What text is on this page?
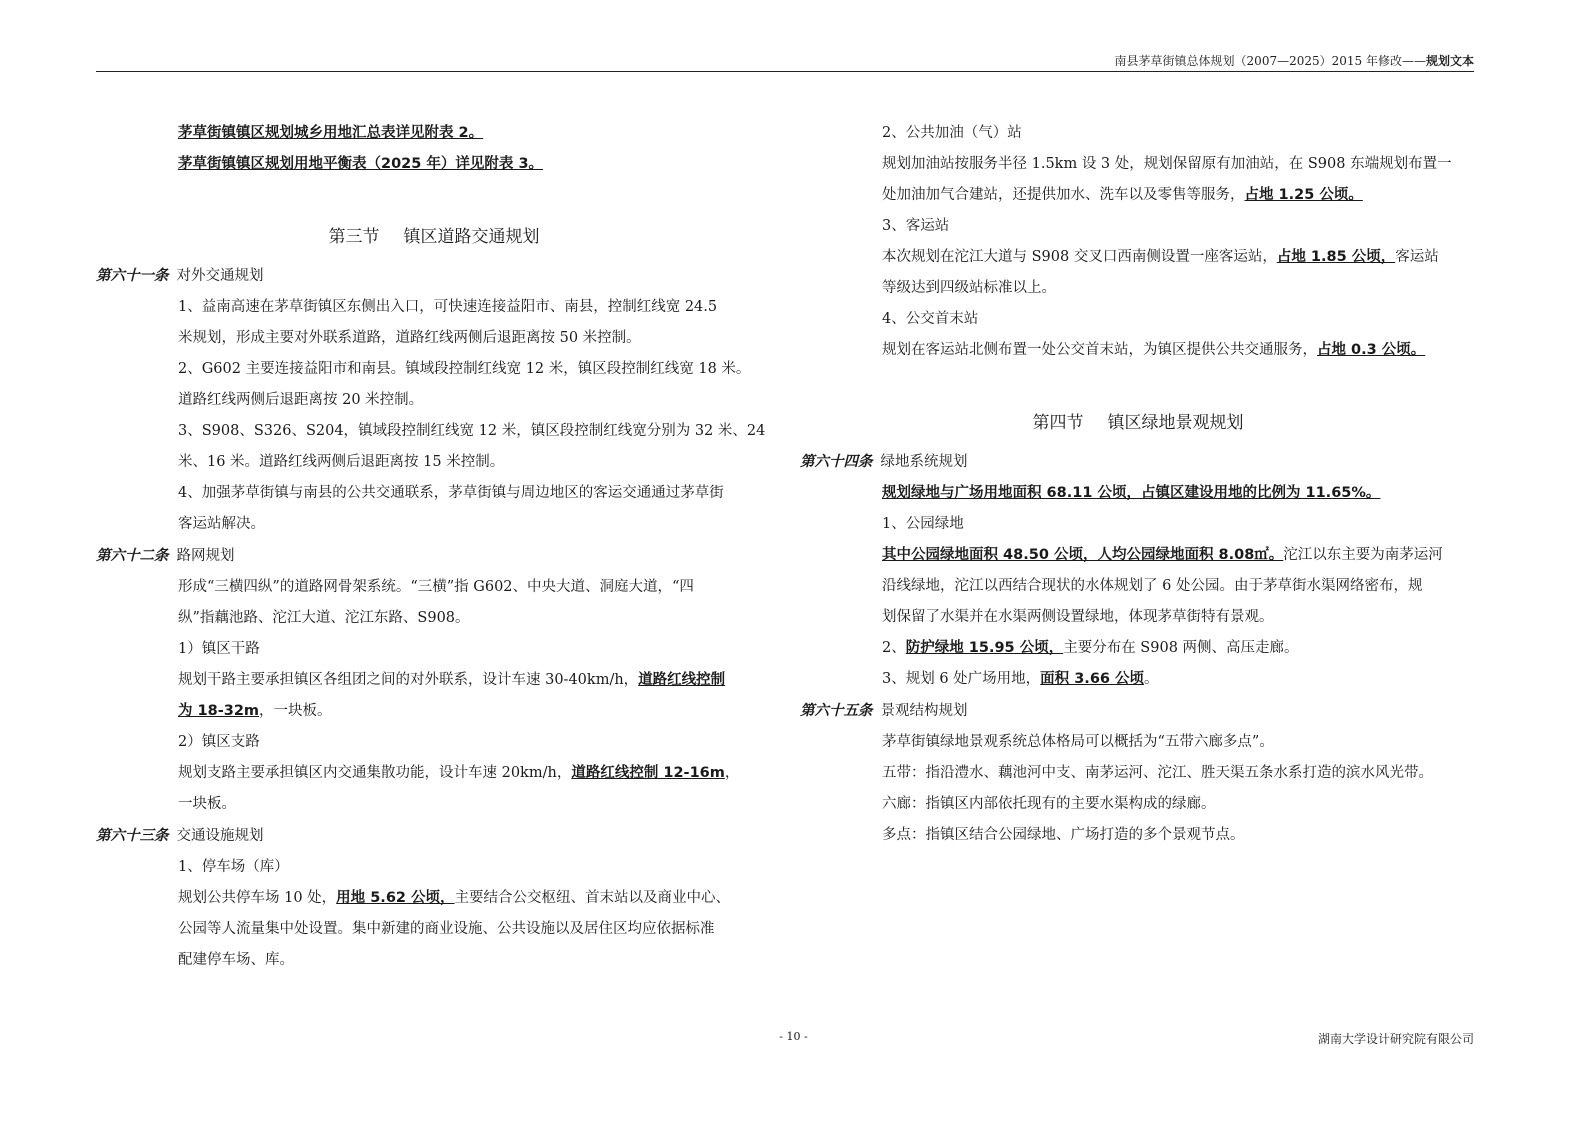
南县茅草街镇总体规划（2007—2025）2015 年修改——规划文本

茅草街镇镇区规划城乡用地汇总表详见附表 2。

茅草街镇镇区规划用地平衡表（2025 年）详见附表 3。

第三节 镇区道路交通规划

第六十一条 对外交通规划

1、益南高速在茅草街镇区东侧出入口，可快速连接益阳市、南县，控制红线宽 24.5

米规划，形成主要对外联系道路，道路红线两侧后退距离按 50 米控制。

2、G602 主要连接益阳市和南县。镇域段控制红线宽 12 米，镇区段控制红线宽 18 米。

道路红线两侧后退距离按 20 米控制。

3、S908、S326、S204，镇域段控制红线宽 12 米，镇区段控制红线宽分别为 32 米、24

米、16 米。道路红线两侧后退距离按 15 米控制。

4、加强茅草街镇与南县的公共交通联系，茅草街镇与周边地区的客运交通通过茅草街

客运站解决。

第六十二条 路网规划

形成“三横四纵”的道路网骨架系统。“三横”指 G602、中央大道、洞庭大道，“四

纵”指藕池路、沱江大道、沱江东路、S908。

1）镇区干路

规划干路主要承担镇区各组团之间的对外联系，设计车速 30-40km/h，道路红线控制

为 18-32m，一块板。

2）镇区支路

规划支路主要承担镇区内交通集散功能，设计车速 20km/h，道路红线控制 12-16m，

一块板。

第六十三条 交通设施规划

1、停车场（库）

规划公共停车场 10 处，用地 5.62 公顷，主要结合公交枢纽、首末站以及商业中心、

公园等人流量集中处设置。集中新建的商业设施、公共设施以及居住区均应依据标准

配建停车场、库。

2、公共加油（气）站

规划加油站按服务半径 1.5km 设 3 处，规划保留原有加油站，在 S908 东端规划布置一

处加油加气合建站，还提供加水、洗车以及零售等服务，占地 1.25 公顷。

3、客运站

本次规划在沱江大道与 S908 交叉口西南侧设置一座客运站，占地 1.85 公顷，客运站

等级达到四级站标准以上。

4、公交首末站

规划在客运站北侧布置一处公交首末站，为镇区提供公共交通服务，占地 0.3 公顷。

第四节 镇区绿地景观规划

第六十四条 绿地系统规划

规划绿地与广场用地面积 68.11 公顷，占镇区建设用地的比例为 11.65%。

1、公园绿地

其中公园绿地面积 48.50 公顷，人均公园绿地面积 8.08㎡。沱江以东主要为南茅运河

沿线绿地，沱江以西结合现状的水体规划了 6 处公园。由于茅草街水渠网络密布，规

划保留了水渠并在水渠两侧设置绿地，体现茅草街特有景观。

2、防护绿地 15.95 公顷，主要分布在 S908 两侧、高压走廊。

3、规划 6 处广场用地，面积 3.66 公顷。

第六十五条 景观结构规划

茅草街镇绿地景观系统总体格局可以概括为“五带六廊多点”。

五带：指沿澧水、藕池河中支、南茅运河、沱江、胜天渠五条水系打造的滨水风光带。

六廊：指镇区内部依托现有的主要水渠构成的绿廊。

多点：指镇区结合公园绿地、广场打造的多个景观节点。

- 10 -	湖南大学设计研究院有限公司
